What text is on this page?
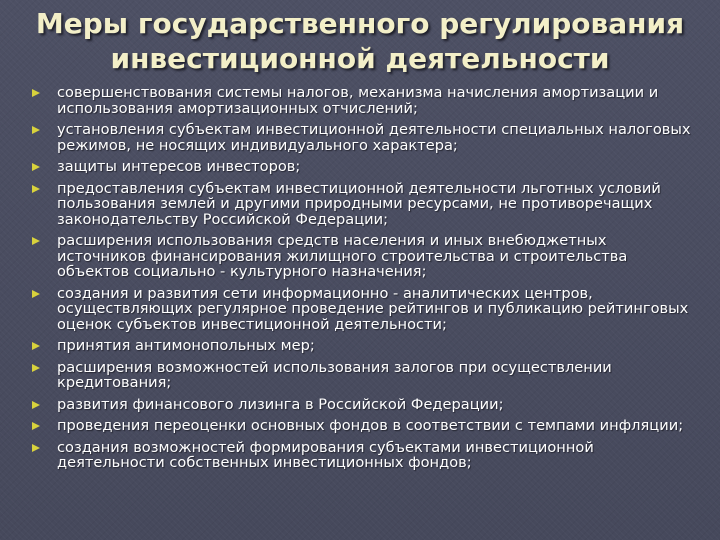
Меры государственного регулирования инвестиционной деятельности
совершенствования системы налогов, механизма начисления амортизации и использования амортизационных отчислений;
установления субъектам инвестиционной деятельности специальных налоговых режимов, не носящих индивидуального характера;
защиты интересов инвесторов;
предоставления субъектам инвестиционной деятельности льготных условий пользования землей и другими природными ресурсами, не противоречащих законодательству Российской Федерации;
расширения использования средств населения и иных внебюджетных источников финансирования жилищного строительства и строительства объектов социально - культурного назначения;
создания и развития сети информационно - аналитических центров, осуществляющих регулярное проведение рейтингов и публикацию рейтинговых оценок субъектов инвестиционной деятельности;
принятия антимонопольных мер;
расширения возможностей использования залогов при осуществлении кредитования;
развития финансового лизинга в Российской Федерации;
проведения переоценки основных фондов в соответствии с темпами инфляции;
создания возможностей формирования субъектами инвестиционной деятельности собственных инвестиционных фондов;
